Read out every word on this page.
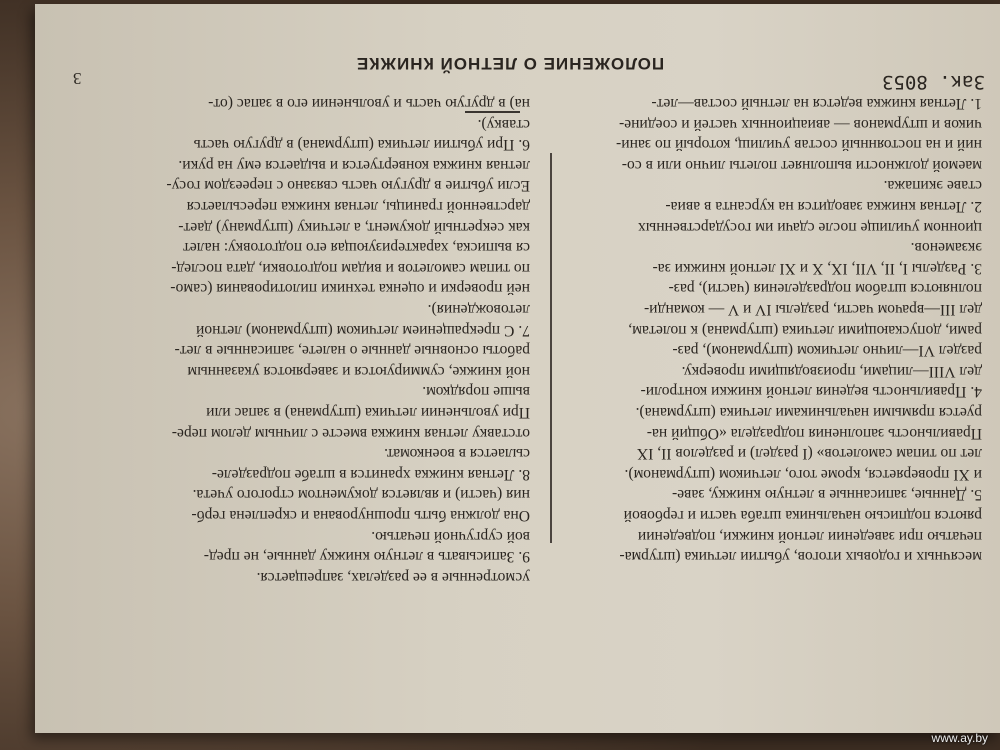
Зак. 8053
3
ПОЛОЖЕНИЕ О ЛЕТНОЙ КНИЖКЕ
1. Летная книжка ведется на летный состав—лет-
чиков и штурманов — авиационных частей и соедине-
ний и на постоянный состав училищ, который по зани-
маемой должности выполняет полеты лично или в со-
ставе экипажа.
2. Летная книжка заводится на курсанта в авиа-
ционном училище после сдачи им государственных
экзаменов.
3. Разделы I, II, VII, IX, X и XI летной книжки за-
полняются штабом подразделения (части), раз-
дел III—врачом части, разделы IV и V — команди-
рами, допускающими летчика (штурмана) к полетам,
раздел VI—лично летчиком (штурманом), раз-
дел VIII—лицами, производящими проверку.
4. Правильность ведения летной книжки контроли-
руется прямыми начальниками летчика (штурмана).
Правильность заполнения подраздела «Общий на-
лет по типам самолетов» (I раздел) и разделов II, IX
и XI проверяется, кроме того, летчиком (штурманом).
5. Данные, записанные в летную книжку, заве-
ряются подписью начальника штаба части и гербовой
печатью при заведении летной книжки, подведении
месячных и годовых итогов, убытии летчика (штурма-
на) в другую часть и увольнении его в запас (от-
ставку).
6. При убытии летчика (штурмана) в другую часть
летная книжка конвертуется и выдается ему на руки.
Если убытие в другую часть связано с переездом госу-
дарственной границы, летная книжка пересылается
как секретный документ, а летчику (штурману) дает-
ся выписка, характеризующая его подготовку: налет
по типам самолетов и видам подготовки, дата послед-
ней проверки и оценка техники пилотирования (само-
летовождения).
7. С прекращением летчиком (штурманом) летной
работы основные данные о налете, записанные в лет-
ной книжке, суммируются и заверяются указанным
выше порядком.
При увольнении летчика (штурмана) в запас или
отставку летная книжка вместе с личным делом пере-
сылается в военкомат.
8. Летная книжка хранится в штабе подразделе-
ния (части) и является документом строгого учета.
Она должна быть прошнурована и скреплена герб-
вой сургучной печатью.
9. Записывать в летную книжку данные, не пред-
усмотренные в ее разделах, запрещается.
www.ay.by
